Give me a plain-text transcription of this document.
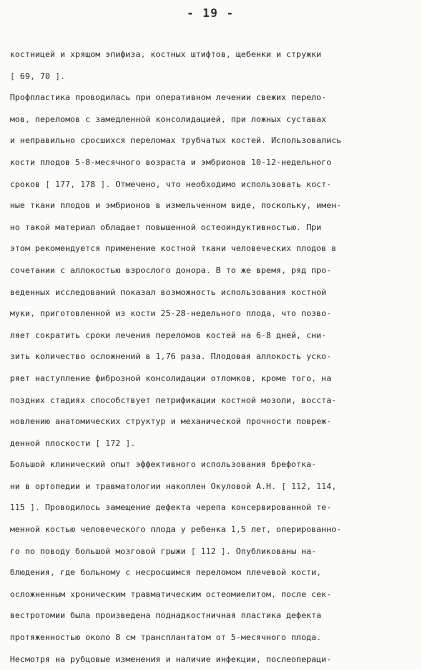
- 19 -
костницей и хрящом эпифиза, костных штифтов, щебенки и стружки
[ 69, 70 ].
Профпластика проводилась при оперативном лечении свежих перело-
мов, переломов с замедленной консолидацией, при ложных суставах
и неправильно сросшихся переломах трубчатых костей. Использовались
кости плодов 5-8-месячного возраста и эмбрионов 10-12-недельного
сроков [ 177, 178 ]. Отмечено, что необходимо использовать кост-
ные ткани плодов и эмбрионов в измельченном виде, поскольку, имен-
но такой материал обладает повышенной остеоиндуктивностью. При
этом рекомендуется применение костной ткани человеческих плодов в
сочетании с аллокостью взрослого донора. В то же время, ряд про-
веденных исследований показал возможность использования костной
муки, приготовленной из кости 25-28-недельного плода, что позво-
ляет сократить сроки лечения переломов костей на 6-8 дней, сни-
зить количество осложнений в 1,76 раза. Плодовая аллокость уско-
ряет наступление фиброзной консолидации отломков, кроме того, на
поздних стадиях способствует петрификации костной мозоли, восста-
новлению анатомических структур и механической прочности повреж-
денной плоскости [ 172 ].
Большой клинический опыт эффективного использования брефотка-
ни в ортопедии и травматологии накоплен Окуловой А.Н. [ 112, 114,
115 ]. Проводилось замещение дефекта черепа консервированной те-
менной костью человеческого плода у ребенка 1,5 лет, оперированно-
го по поводу большой мозговой грыжи [ 112 ]. Опубликованы на-
блюдения, где больному с несросшимся переломом плечевой кости,
осложненным хроническим травматическим остеомиелитом, после сек-
вестротомии была произведена поднадкостничная пластика дефекта
протяженностью около 8 см трансплантатом от 5-месячного плода.
Несмотря на рубцовые изменения и наличие инфекции, послеопераци-
